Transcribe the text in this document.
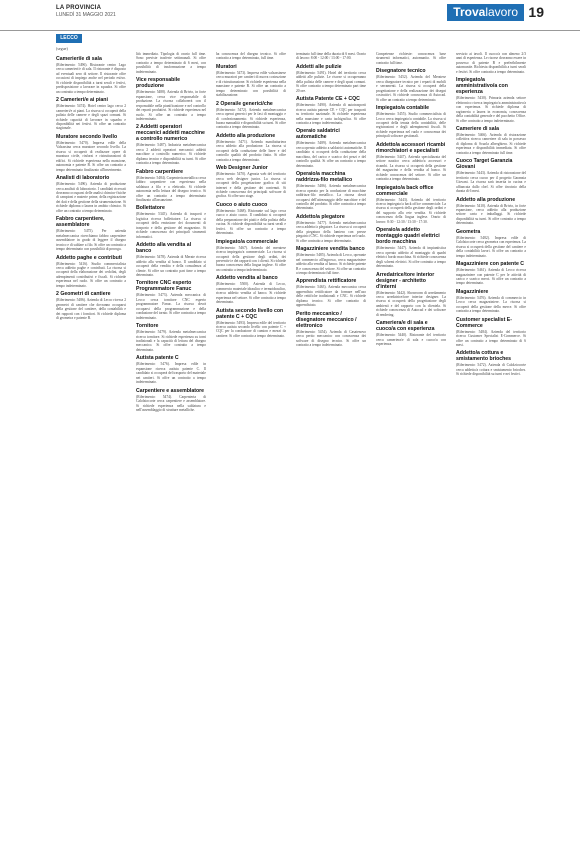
LA PROVINCIA
LUNEDÌ 31 MAGGIO 2021	Trovalavoro 19
LECCO
(segue)
Camerieri/e di sala

(Riferimento: 5496). Ristorante centro Lago cerca camerieri/e di sala. Il ristorante è disposto ad eventuali zero di settore. Il ristorante offre occasioni di impiego anche nel periodo estivo. Si richiede disponibilità a turni serali e festivi, predisposizione a lavorare in squadra. Si offre un contratto a tempo determinato.

2 Camerieri/e ai piani

(Riferimento: 5474). Hotel centro lago cerca 2 camerieri/e ai piani. La risorsa si occuperà della pulizia delle camere e degli spazi comuni. Si richiede capacità di lavorare in squadra e disponibilità nei festivi. Si offre un contratto stagionale.

Muratore secondo livello

(Riferimento: 5470). Impresa edile della Valsassina cerca muratore secondo livello. La risorsa si occuperà di realizzare opere di muratura civile, rinforzi e ristrutturazioni di edifici. Si richiede esperienza nella mansione, autonomia e patente B. Si offre un contratto a tempo determinato finalizzato all'inserimento.

Analisti di laboratorio

(Riferimento: 5496). Azienda di produzione cerca analisti di laboratorio. I candidati ricercati dovranno occuparsi delle analisi chimico-fisiche di campioni e materie prime, della registrazione dei dati e della gestione della strumentazione. Si richiede diploma o laurea in ambito chimico. Si offre un contratto a tempo determinato.

Fabbro carpentiere, assemblatore

(Riferimento: 5475). Per azienda metalmeccanica ricerchiamo fabbro carpentiere assemblatore in grado di leggere il disegno tecnico e di saldare a filo. Si offre un contratto a tempo determinato con possibilità di proroga.

Addetto paghe e contributi

(Riferimento: 5416). Studio commercialista cerca addetto paghe e contributi. La risorsa si occuperà della elaborazione dei cedolini, degli adempimenti contributivi e fiscali. Si richiede esperienza nel ruolo. Si offre un contratto a tempo indeterminato.

2 Geometri di cantiere

(Riferimento: 5486). Azienda di Lecco ricerca 2 geometri di cantiere che dovranno occuparsi della gestione del cantiere, della contabilità e dei rapporti con i fornitori. Si richiede diploma di geometra e patente B.

lità immediata. Tipologia di orario full time. Sono previste trasferte settimanali. Si offre contratto a tempo determinato di 6 mesi, con possibilità di trasformazione a tempo indeterminato.

Vice responsabile produzione

(Riferimento: 5488). Azienda di Brivio, in forte espansione, cerca vice responsabile di produzione. La risorsa collaborerà con il responsabile nella pianificazione e nel controllo dei reparti produttivi. Si richiede esperienza nel ruolo. Si offre un contratto a tempo indeterminato.

2 Addetti operatori meccanici addetti macchine a controllo numerico

(Riferimento: 5487). Industria metalmeccanica cerca 2 addetti operatori meccanici addetti macchine a controllo numerico. Si richiede diploma tecnico e disponibilità su turni. Si offre contratto a tempo determinato.

Fabbro carpentiere

(Riferimento: 5484). Carpenteria metallica cerca fabbro carpentiere con esperienza nella saldatura a filo e a elettrodo. Si richiede autonomia nella lettura del disegno tecnico. Si offre un contratto a tempo determinato finalizzato all'assunzione.

Bollettatore

(Riferimento: 5345). Azienda di trasporti e logistica ricerca bollettatore. La risorsa si occuperà della emissione dei documenti di trasporto e della gestione del magazzino. Si richiede conoscenza dei principali strumenti informatici.

Addetto alla vendita al banco

(Riferimento: 5478). Azienda di Merate ricerca addetto alla vendita al banco. Il candidato si occuperà della vendita e della consulenza al cliente. Si offre un contratto part time a tempo determinato.

Tornitore CNC esperto Programmatore Fanuc

(Riferimento: 5473). Azienda meccanica di Lecco cerca tornitore CNC esperto programmatore Fanuc. La risorsa dovrà occuparsi della programmazione e della conduzione del tornio. Si offre contratto a tempo indeterminato.

Tornitore

(Riferimento: 5479). Azienda metalmeccanica ricerca tornitore. Si richiede esperienza su torni tradizionali e la capacità di lettura del disegno meccanico. Si offre contratto a tempo determinato.

Autista patente C

(Riferimento: 5476). Impresa edile in espansione ricerca autista patente C. Il candidato si occuperà del trasporto del materiale nei cantieri. Si offre un contratto a tempo indeterminato.

Carpentiere e assemblatore

(Riferimento: 5474). Carpenteria di Calolziocorte cerca carpentiere e assemblatore. Si richiede esperienza nella saldatura e nell'assemblaggio di strutture metalliche.

ha conoscenza del disegno tecnico. Si offre contratto a tempo determinato, full time.

Muratori

(Riferimento: 5473). Impresa edile valsassinese cerca muratori per cantieri di nuova costruzione e di ristrutturazione. Si richiede esperienza nella mansione e patente B. Si offre un contratto a tempo determinato con possibilità di stabilizzazione.

2 Operai/e generici/che

(Riferimento: 5472). Azienda metalmeccanica cerca operai generici per le fasi di montaggio e di confezionamento. Si richiede esperienza, buona manualità e disponibilità su turni. Si offre contratto a tempo determinato.

Addetto alla produzione

(Riferimento: 5471). Azienda manifatturiera cerca addetto alla produzione. La risorsa si occuperà della conduzione delle linee e del controllo qualità del prodotto finito. Si offre contratto a tempo determinato.

Web Designer Junior

(Riferimento: 5470). Agenzia web del territorio cerca web designer junior. La risorsa si occuperà della progettazione grafica di siti internet e della gestione dei contenuti. Si richiede conoscenza dei principali software di grafica. Si offre uno stage.

Cuoco o aiuto cuoco

(Riferimento: 5468). Ristorante sul lago cerca cuoco o aiuto cuoco. Il candidato si occuperà della preparazione dei piatti e della pulizia della cucina. Si richiede disponibilità su turni serali e festivi. Si offre un contratto a tempo determinato.

Impiegato/a commerciale

(Riferimento: 5467). Azienda del meratese ricerca impiegato/a commerciale. La risorsa si occuperà della gestione degli ordini, dei preventivi e dei rapporti con i clienti. Si richiede buona conoscenza della lingua inglese. Si offre un contratto a tempo indeterminato.

Addetto vendita al banco

(Riferimento: 5500). Azienda di Lecco, commercio materiale idraulico e termoidraulico, ricerca addetto vendita al banco. Si richiede esperienza nel settore. Si offre contratto a tempo determinato.

Autista secondo livello con patente C + CQC

(Riferimento: 5493). Impresa edile del territorio ricerca autista secondo livello con patente C + CQC per la conduzione di camion e mezzi da cantiere. Si offre contratto a tempo determinato.

terminato full time della durata di 6 mesi. Orario di lavoro: 8:00 - 12:00 / 13:00 - 17:00.

Addetti alle pulizie

(Riferimento: 5491). Hotel del territorio cerca addetti alle pulizie. Le risorse si occuperanno della pulizia delle camere e degli spazi comuni. Si offre contratto a tempo determinato part time 20 ore.

Autista Patente CE + CQC

(Riferimento: 5490). Azienda di autotrasporti ricerca autista patente CE + CQC per trasporti su territorio nazionale. Si richiede esperienza nella mansione e carta tachigrafica. Si offre contratto a tempo indeterminato.

Operaio saldatrici automatiche

(Riferimento: 5489). Azienda metalmeccanica cerca operaio addetto a saldatrici automatiche. Il candidato si occuperà della conduzione della macchina, del carico e scarico dei pezzi e del controllo qualità. Si offre un contratto a tempo determinato.

Operaio/a macchina raddrizza-filo metallico

(Riferimento: 5486). Azienda metalmeccanica ricerca operaio per la conduzione di macchine raddrizza-filo metallico. La risorsa dovrà occuparsi dell'attrezzaggio delle macchine e del controllo del prodotto. Si offre contratto a tempo determinato.

Addetto/a plegatore

(Riferimento: 5477). Azienda metalmeccanica cerca addetto/a plegatore. La risorsa si occuperà della piegatura della lamiera con presse piegatrici CNC. Si richiede esperienza nel ruolo. Si offre contratto a tempo determinato.

Magazziniere vendita banco

(Riferimento: 5485). Azienda di Lecco, operante nel commercio all'ingrosso, cerca magazziniere addetto alla vendita al banco. Si richiede patente B e conoscenza del settore. Si offre un contratto a tempo determinato full time.

Apprendista rettificatore

(Riferimento: 5463). Azienda meccanica cerca apprendista rettificatore da formare nell'uso delle rettifiche tradizionali e CNC. Si richiede diploma tecnico. Si offre contratto di apprendistato.

Perito meccanico / disegnatore meccanico / elettronico

(Riferimento: 5454). Azienda di Casatenovo cerca perito meccanico con conoscenza dei software di disegno tecnico. Si offre un contratto a tempo indeterminato.

Competenze richieste: conoscenza base strumenti informatici, automunito. Si offre contratto full time.

Disegnatore tecnico

(Riferimento: 5452). Azienda del Meratese cerca disegnatore tecnico per i reparti di mobili e serramenti. La risorsa si occuperà della progettazione e della realizzazione dei disegni costruttivi. Si richiede conoscenza di Autocad. Si offre un contratto a tempo determinato.

Impiegato/a contabile

(Riferimento: 5455). Studio commercialista di Lecco cerca impiegato/a contabile. La risorsa si occuperà della tenuta della contabilità, delle registrazioni e degli adempimenti fiscali. Si richiede esperienza nel ruolo e conoscenza dei principali software gestionali.

Addetto/a accessori ricambi rimorchiatori e specialisti

(Riferimento: 5447). Azienda specializzata del settore nautico cerca addetto/a accessori e ricambi. La risorsa si occuperà della gestione del magazzino e della vendita al banco. Si richiede conoscenza del settore. Si offre un contratto a tempo determinato.

Impiegato/a back office commerciale

(Riferimento: 5443). Azienda del territorio ricerca impiegato/a back office commerciale. La risorsa si occuperà della gestione degli ordini e del supporto alla rete vendita. Si richiede conoscenza della lingua inglese. Orario di lavoro: 8:30 - 12:30 / 13:30 - 17:30.

Operaio/a addetto montaggio quadri elettrici bordo macchina

(Riferimento: 5447). Azienda di impiantistica cerca operaio addetto al montaggio di quadri elettrici bordo macchina. Si richiede conoscenza degli schemi elettrici. Si offre contratto a tempo determinato.

Arredatrice/tore interior designer - architetto d'interni

(Riferimento: 5442). Showroom di arredamento cerca arredatrice/tore interior designer. La risorsa si occuperà della progettazione degli ambienti e del rapporto con la clientela. Si richiede conoscenza di Autocad e dei software di rendering.

Cameriera/e di sala e cuoco/a con esperienza

(Riferimento: 5440). Ristorante del territorio cerca cameriera/e di sala e cuoco/a con esperienza.

servizio ai tavoli. Il cuoco/a con almeno 2/3 anni di esperienza. Le risorse dovranno essere in possesso di patente B e preferibilmente automunite. Richiesta disponibilità a turni serali e festivi. Si offre contratto a tempo determinato.

Impiegato/a amministrativo/a con esperienza

(Riferimento: 5430). Primaria azienda settore elettronico ricerca impiegato/a amministrativo/a con esperienza. Si richiede diploma di ragioneria o laurea in economia, conoscenza della contabilità generale e del pacchetto Office. Si offre contratto a tempo indeterminato.

Cameriere di sala

(Riferimento: 5466). Azienda di ristorazione collettiva ricerca cameriere di sala in possesso di diploma di Scuola alberghiera. Si richiede esperienza e disponibilità immediata. Si offre contratto a tempo determinato full time.

Cuoco Target Garanzia Giovani

(Riferimento: 5443). Azienda di ristorazione del territorio cerca cuoco per il progetto Garanzia Giovani. La risorsa sarà inserita in cucina e affiancata dallo chef. Si offre tirocinio della durata di 6 mesi.

Addetto alla produzione

(Riferimento: 5410). Azienda di Brivio, in forte espansione, cerca addetto alla produzione settore carta e imballaggi. Si richiede disponibilità su turni. Si offre contratto a tempo determinato.

Geometra

(Riferimento: 5482). Impresa edile di Calolziocorte cerca geometra con esperienza. La risorsa si occuperà della gestione del cantiere e della contabilità lavori. Si offre un contratto a tempo indeterminato.

Magazziniere con patente C

(Riferimento: 5461). Azienda di Lecco ricerca magazziniere con patente C per le attività di carico e scarico merci. Si offre un contratto a tempo determinato.

Magazziniere

(Riferimento: 5476). Azienda di commercio in Lecco cerca magazziniere. La risorsa si occuperà della gestione della merce. Si offre contratto a tempo determinato.

Customer specialist E-Commerce

(Riferimento: 5484). Azienda del territorio ricerca Customer Specialist E-Commerce. Si offre un contratto a tempo determinato di 6 mesi.

Addetto/a cottura e smistamento brioches

(Riferimento: 5472). Azienda di Calolziocorte cerca addetto/a cottura e smistamento brioches. Si richiede disponibilità su turni e nei festivi.
